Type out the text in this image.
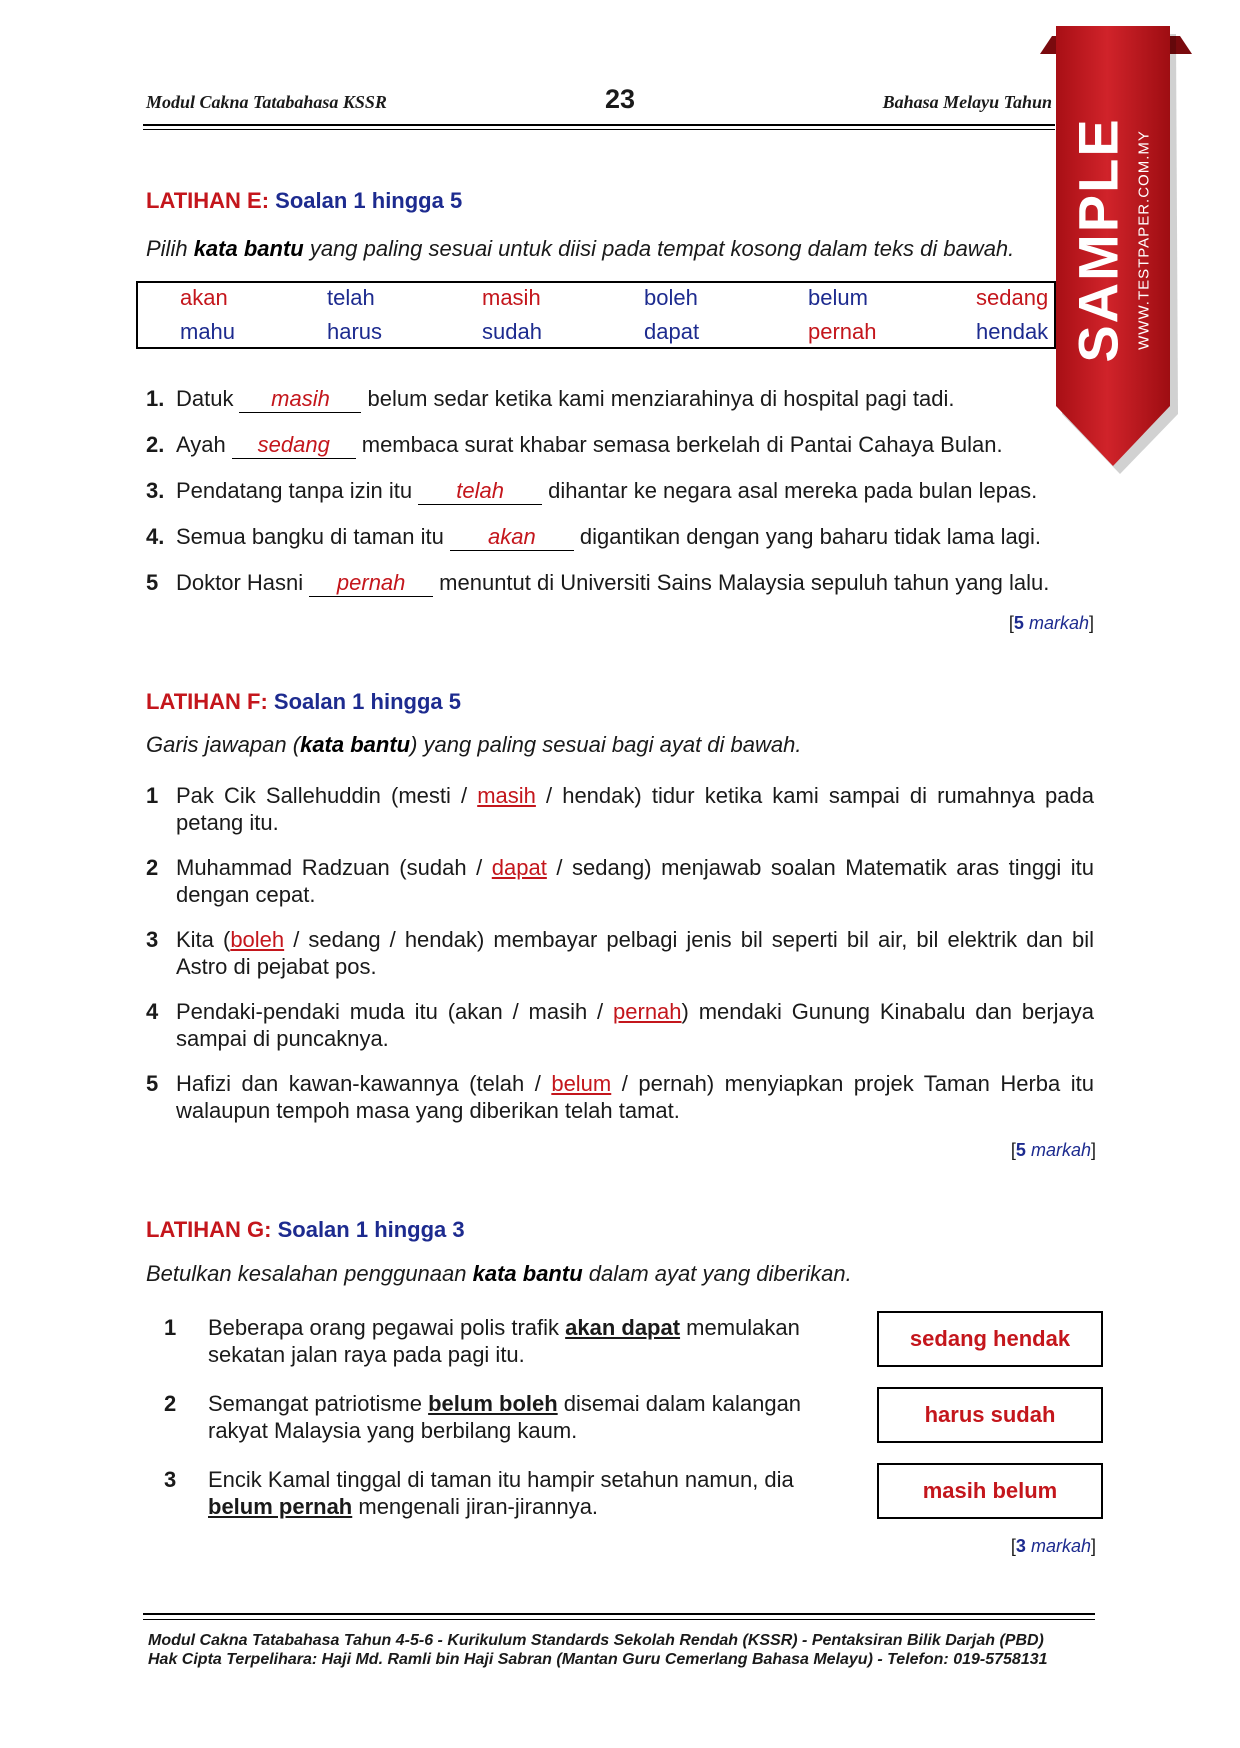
Modul Cakna Tatabahasa KSSR	23	Bahasa Melayu Tahun
LATIHAN E: Soalan 1 hingga 5
Pilih kata bantu yang paling sesuai untuk diisi pada tempat kosong dalam teks di bawah.
akan	telah	masih	boleh	belum	sedang
mahu	harus	sudah	dapat	pernah	hendak
1. Datuk masih belum sedar ketika kami menziarahinya di hospital pagi tadi.
2. Ayah sedang membaca surat khabar semasa berkelah di Pantai Cahaya Bulan.
3. Pendatang tanpa izin itu telah dihantar ke negara asal mereka pada bulan lepas.
4. Semua bangku di taman itu akan digantikan dengan yang baharu tidak lama lagi.
5 Doktor Hasni pernah menuntut di Universiti Sains Malaysia sepuluh tahun yang lalu.
[5 markah]
LATIHAN F: Soalan 1 hingga 5
Garis jawapan (kata bantu) yang paling sesuai bagi ayat di bawah.
1 Pak Cik Sallehuddin (mesti / masih / hendak) tidur ketika kami sampai di rumahnya pada petang itu.
2 Muhammad Radzuan (sudah / dapat / sedang) menjawab soalan Matematik aras tinggi itu dengan cepat.
3 Kita (boleh / sedang / hendak) membayar pelbagi jenis bil seperti bil air, bil elektrik dan bil Astro di pejabat pos.
4 Pendaki-pendaki muda itu (akan / masih / pernah) mendaki Gunung Kinabalu dan berjaya sampai di puncaknya.
5 Hafizi dan kawan-kawannya (telah / belum / pernah) menyiapkan projek Taman Herba itu walaupun tempoh masa yang diberikan telah tamat.
[5 markah]
LATIHAN G: Soalan 1 hingga 3
Betulkan kesalahan penggunaan kata bantu dalam ayat yang diberikan.
1 Beberapa orang pegawai polis trafik akan dapat memulakan sekatan jalan raya pada pagi itu.
sedang hendak
2 Semangat patriotisme belum boleh disemai dalam kalangan rakyat Malaysia yang berbilang kaum.
harus sudah
3 Encik Kamal tinggal di taman itu hampir setahun namun, dia belum pernah mengenali jiran-jirannya.
masih belum
[3 markah]
Modul Cakna Tatabahasa Tahun 4-5-6 - Kurikulum Standards Sekolah Rendah (KSSR) - Pentaksiran Bilik Darjah (PBD)
Hak Cipta Terpelihara: Haji Md. Ramli bin Haji Sabran (Mantan Guru Cemerlang Bahasa Melayu) - Telefon: 019-5758131
SAMPLE WWW.TESTPAPER.COM.MY
